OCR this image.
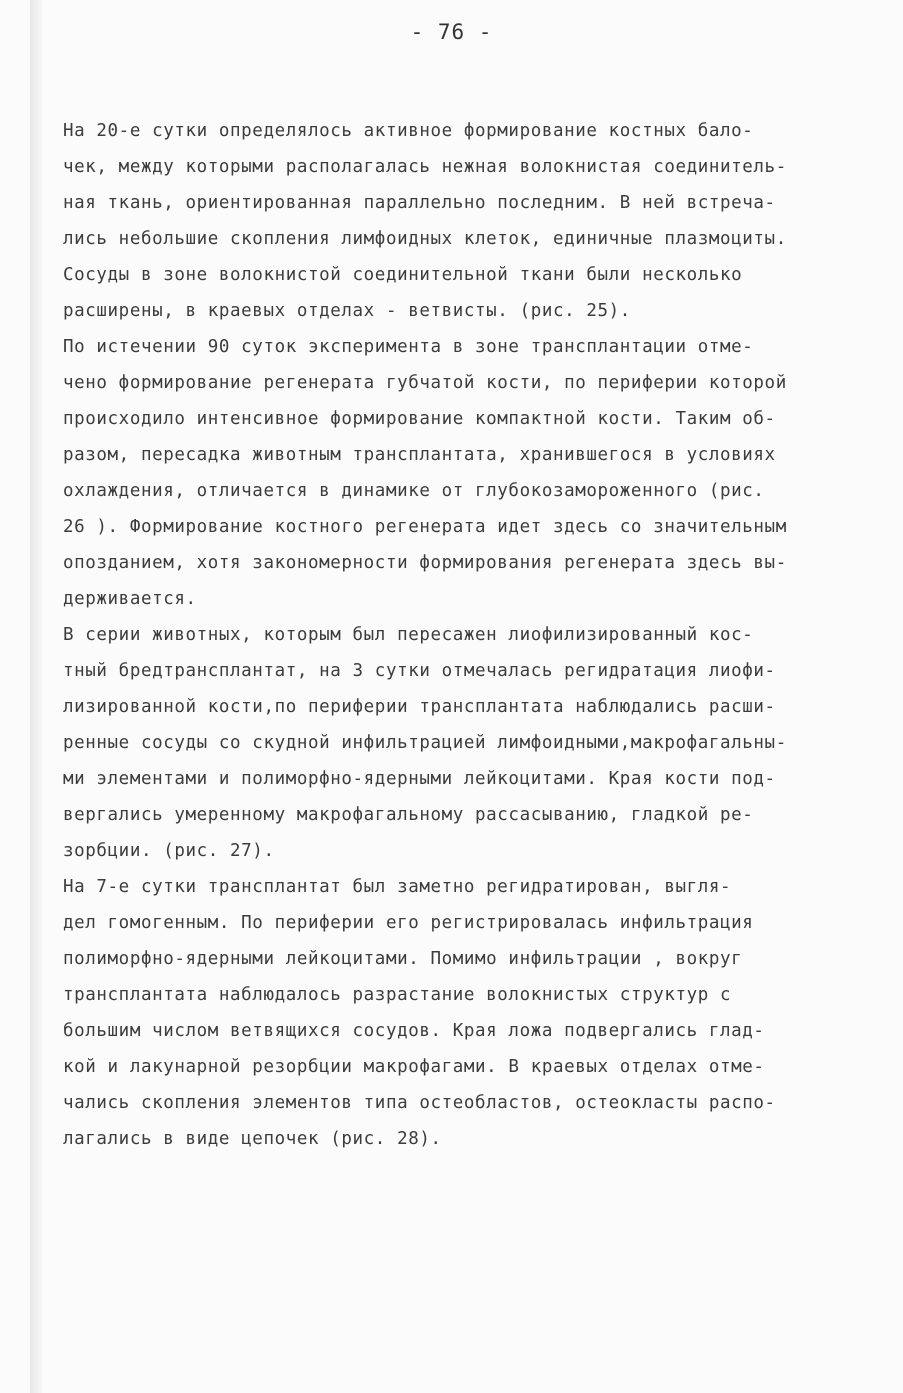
- 76 -
На 20-е сутки определялось активное формирование костных бало-
чек, между которыми располагалась нежная волокнистая соединитель-
ная ткань, ориентированная параллельно последним. В ней встреча-
лись небольшие скопления лимфоидных клеток, единичные плазмоциты.
Сосуды в зоне волокнистой соединительной ткани были несколько
расширены, в краевых отделах - ветвисты. (рис. 25).
По истечении 90 суток эксперимента в зоне трансплантации отме-
чено формирование регенерата губчатой кости, по периферии которой
происходило интенсивное формирование компактной кости. Таким об-
разом, пересадка животным трансплантата, хранившегося в условиях
охлаждения, отличается в динамике от глубокозамороженного (рис.
26 ). Формирование костного регенерата идет здесь со значительным
опозданием, хотя закономерности формирования регенерата здесь вы-
держивается.
В серии животных, которым был пересажен лиофилизированный кос-
тный бредтрансплантат, на 3 сутки отмечалась регидратация лиофи-
лизированной кости,по периферии трансплантата наблюдались расши-
ренные сосуды со скудной инфильтрацией лимфоидными,макрофагальны-
ми элементами и полиморфно-ядерными лейкоцитами. Края кости под-
вергались умеренному макрофагальному рассасыванию, гладкой ре-
зорбции. (рис. 27).
На 7-е сутки трансплантат был заметно регидратирован, выгля-
дел гомогенным. По периферии его регистрировалась инфильтрация
полиморфно-ядерными лейкоцитами. Помимо инфильтрации , вокруг
трансплантата наблюдалось разрастание волокнистых структур с
большим числом ветвящихся сосудов. Края ложа подвергались глад-
кой и лакунарной резорбции макрофагами. В краевых отделах отме-
чались скопления элементов типа остеобластов, остеокласты распо-
лагались в виде цепочек (рис. 28).
